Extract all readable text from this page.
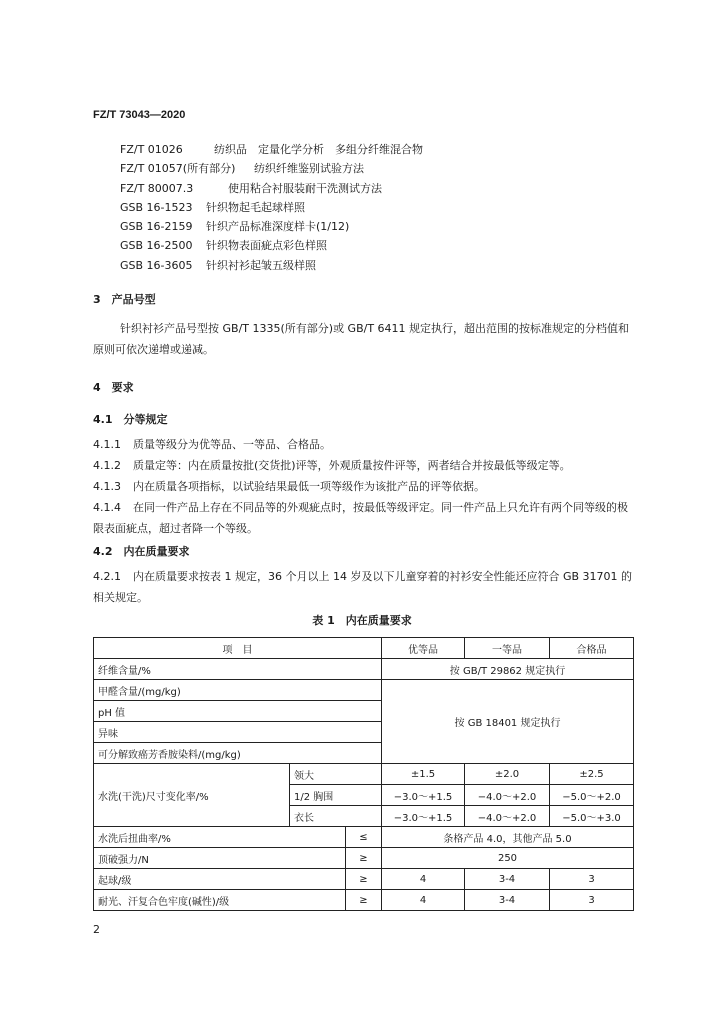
FZ/T 73043—2020
FZ/T 01026	纺织品　定量化学分析　多组分纤维混合物
FZ/T 01057(所有部分) 纺织纤维鉴别试验方法
FZ/T 80007.3	使用粘合衬服装耐干洗测试方法
GSB 16-1523 针织物起毛起球样照
GSB 16-2159 针织产品标准深度样卡(1/12)
GSB 16-2500 针织物表面疵点彩色样照
GSB 16-3605 针织衬衫起皱五级样照
3　产品号型
针织衬衫产品号型按 GB/T 1335(所有部分)或 GB/T 6411 规定执行，超出范围的按标准规定的分档值和原则可依次递增或递减。
4　要求
4.1　分等规定
4.1.1 质量等级分为优等品、一等品、合格品。
4.1.2 质量定等：内在质量按批(交货批)评等，外观质量按件评等，两者结合并按最低等级定等。
4.1.3 内在质量各项指标，以试验结果最低一项等级作为该批产品的评等依据。
4.1.4 在同一件产品上存在不同品等的外观疵点时，按最低等级评定。同一件产品上只允许有两个同等级的极限表面疵点，超过者降一个等级。
4.2　内在质量要求
4.2.1 内在质量要求按表 1 规定，36 个月以上 14 岁及以下儿童穿着的衬衫安全性能还应符合 GB 31701 的相关规定。
表 1　内在质量要求
项　目			优等品	一等品	合格品
纤维含量/%			按 GB/T 29862 规定执行		
甲醛含量/(mg/kg)			按 GB 18401 规定执行		
pH 值					
异味					
可分解致癌芳香胺染料/(mg/kg)					
水洗(干洗)尺寸变化率/%	领大		±1.5	±2.0	±2.5
	1/2 胸围		−3.0～+1.5	−4.0～+2.0	−5.0～+2.0
	衣长		−3.0～+1.5	−4.0～+2.0	−5.0～+3.0
水洗后扭曲率/%		≤	条格产品 4.0，其他产品 5.0		
顶破强力/N		≥	250		
起球/级		≥	4	3-4	3
耐光、汗复合色牢度(碱性)/级		≥	4	3-4	3
2
